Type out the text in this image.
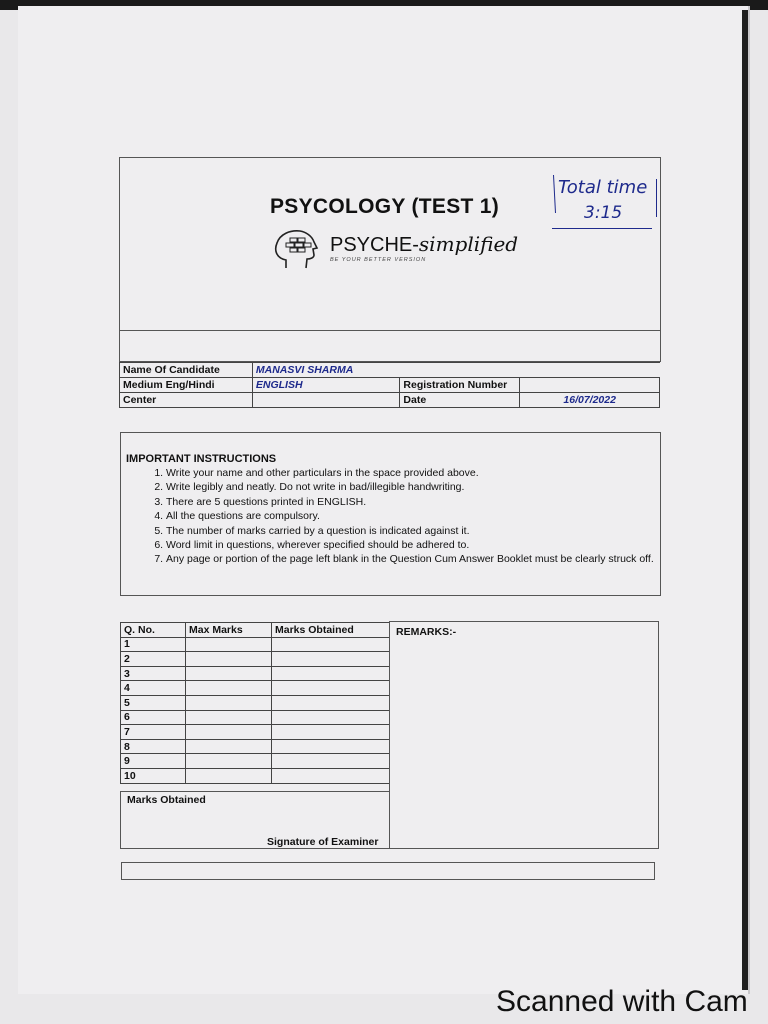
PSYCOLOGY (TEST 1)
PSYCHE-simplified
BE YOUR BETTER VERSION
Total time
3:15
Name Of Candidate	MANASVI SHARMA		
Medium Eng/Hindi	ENGLISH	Registration Number	
Center		Date	16/07/2022
IMPORTANT INSTRUCTIONS
1. Write your name and other particulars in the space provided above.
2. Write legibly and neatly. Do not write in bad/illegible handwriting.
3. There are 5 questions printed in ENGLISH.
4. All the questions are compulsory.
5. The number of marks carried by a question is indicated against it.
6. Word limit in questions, wherever specified should be adhered to.
7. Any page or portion of the page left blank in the Question Cum Answer Booklet must be clearly struck off.
Q. No.	Max Marks	Marks Obtained
1		
2		
3		
4		
5		
6		
7		
8		
9		
10		
Marks Obtained
Signature of Examiner
REMARKS:-
Scanned with Cam
